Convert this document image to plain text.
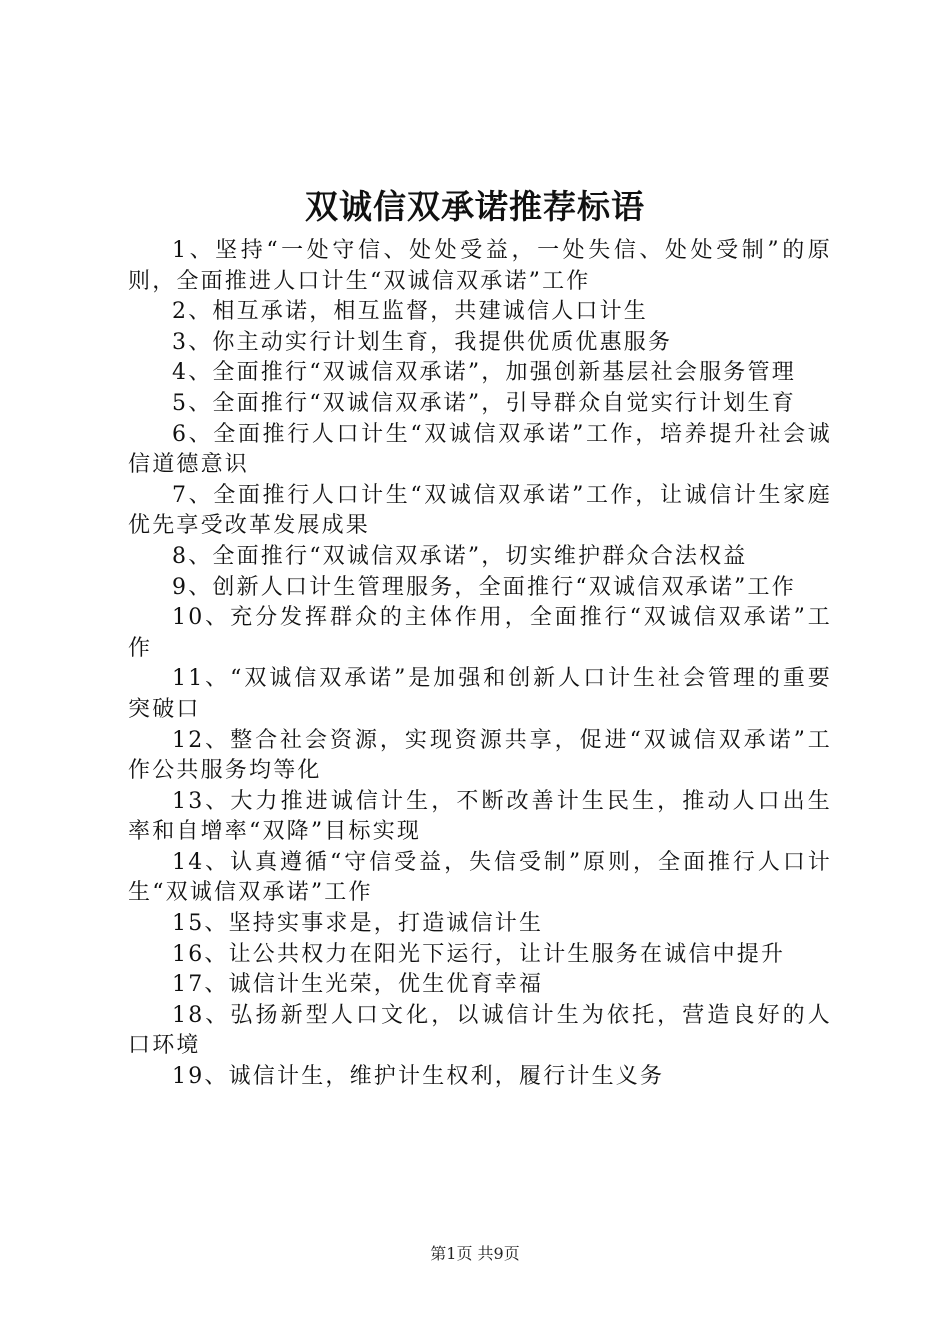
双诚信双承诺推荐标语
1、坚持“一处守信、处处受益，一处失信、处处受制”的原则，全面推进人口计生“双诚信双承诺”工作
2、相互承诺，相互监督，共建诚信人口计生
3、你主动实行计划生育，我提供优质优惠服务
4、全面推行“双诚信双承诺”，加强创新基层社会服务管理
5、全面推行“双诚信双承诺”，引导群众自觉实行计划生育
6、全面推行人口计生“双诚信双承诺”工作，培养提升社会诚信道德意识
7、全面推行人口计生“双诚信双承诺”工作，让诚信计生家庭优先享受改革发展成果
8、全面推行“双诚信双承诺”，切实维护群众合法权益
9、创新人口计生管理服务，全面推行“双诚信双承诺”工作
10、充分发挥群众的主体作用，全面推行“双诚信双承诺”工作
11、“双诚信双承诺”是加强和创新人口计生社会管理的重要突破口
12、整合社会资源，实现资源共享，促进“双诚信双承诺”工作公共服务均等化
13、大力推进诚信计生，不断改善计生民生，推动人口出生率和自增率“双降”目标实现
14、认真遵循“守信受益，失信受制”原则，全面推行人口计生“双诚信双承诺”工作
15、坚持实事求是，打造诚信计生
16、让公共权力在阳光下运行，让计生服务在诚信中提升
17、诚信计生光荣，优生优育幸福
18、弘扬新型人口文化，以诚信计生为依托，营造良好的人口环境
19、诚信计生，维护计生权利，履行计生义务
第1页 共9页
